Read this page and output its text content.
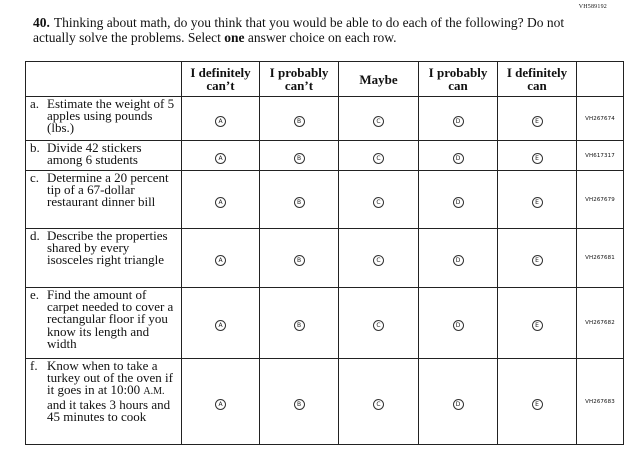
VH589192
40. Thinking about math, do you think that you would be able to do each of the following? Do not actually solve the problems. Select one answer choice on each row.
	I definitely
can’t	I probably
can’t	Maybe	I probably
can	I definitely
can	
a. Estimate the weight of 5 apples using pounds (lbs.)	A	B	C	D	E	VH267674
b. Divide 42 stickers among 6 students	A	B	C	D	E	VH617317
c. Determine a 20 percent tip of a 67-dollar restaurant dinner bill	A	B	C	D	E	VH267679
d. Describe the properties shared by every isosceles right triangle	A	B	C	D	E	VH267681
e. Find the amount of carpet needed to cover a rectangular floor if you know its length and width	A	B	C	D	E	VH267682
f. Know when to take a turkey out of the oven if it goes in at 10:00 A.M. and it takes 3 hours and 45 minutes to cook	A	B	C	D	E	VH267683
